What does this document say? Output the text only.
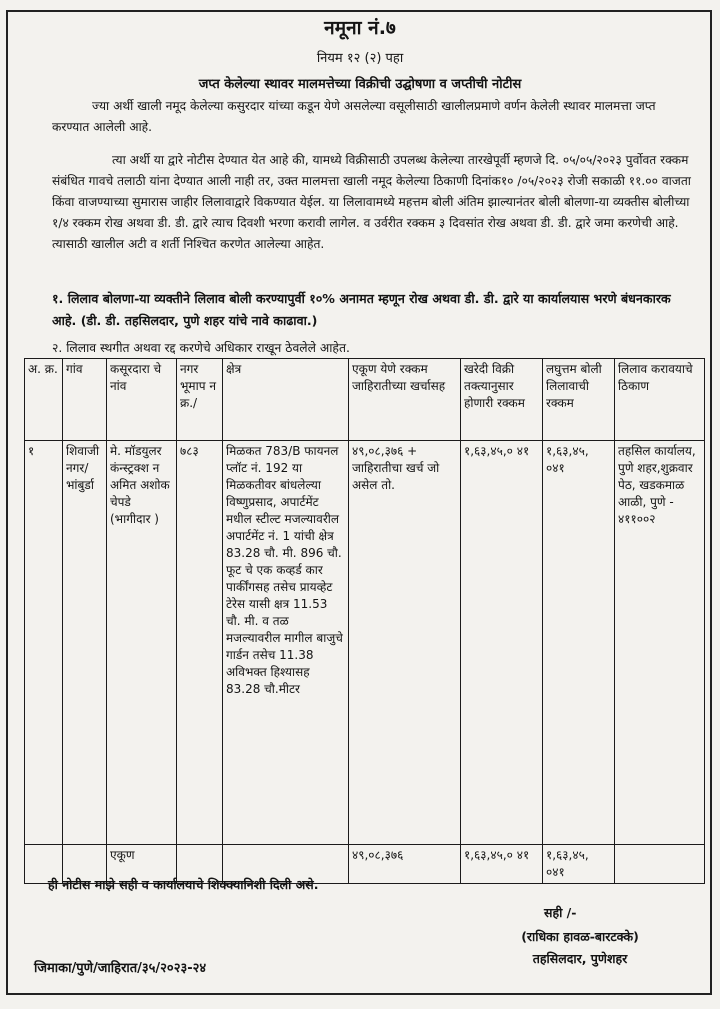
नमूना नं.७
नियम १२ (२) पहा
जप्त केलेल्या स्थावर मालमत्तेच्या विक्रीची उद्घोषणा व जप्तीची नोटीस
ज्या अर्थी खाली नमूद केलेल्या कसुरदार यांच्या कडून येणे असलेल्या वसूलीसाठी खालीलप्रमाणे वर्णन केलेली स्थावर मालमत्ता जप्त करण्यात आलेली आहे.
त्या अर्थी या द्वारे नोटीस देण्यात येत आहे की, यामध्ये विक्रीसाठी उपलब्ध केलेल्या तारखेपूर्वी म्हणजे दि. ०५/०५/२०२३ पुर्वोवत रक्कम संबंधित गावचे तलाठी यांना देण्यात आली नाही तर, उक्त मालमत्ता खाली नमूद केलेल्या ठिकाणी दिनांक१० /०५/२०२३ रोजी सकाळी ११.०० वाजता किंवा वाजण्याच्या सुमारास जाहीर लिलावाद्वारे विकण्यात येईल. या लिलावामध्ये महत्तम बोली अंतिम झाल्यानंतर बोली बोलणा-या व्यक्तीस बोलीच्या १/४ रक्कम रोख अथवा डी. डी. द्वारे त्याच दिवशी भरणा करावी लागेल. व उर्वरीत रक्कम ३ दिवसांत रोख अथवा डी. डी. द्वारे जमा करणेची आहे. त्यासाठी खालील अटी व शर्ती निश्चित करणेत आलेल्या आहेत.
१. लिलाव बोलणा-या व्यक्तीने लिलाव बोली करण्यापुर्वी १०% अनामत म्हणून रोख अथवा डी. डी. द्वारे या कार्यालयास भरणे बंधनकारक आहे. (डी. डी. तहसिलदार, पुणे शहर यांचे नावे काढावा.)
२. लिलाव स्थगीत अथवा रद्द करणेचे अधिकार राखून ठेवलेले आहेत.
अ. क्र.	गांव	कसूरदारा चे नांव	नगर भूमाप न क्र./	क्षेत्र	एकूण येणे रक्कम जाहिरातीच्या खर्चासह	खरेदी विक्री तक्त्यानुसार होणारी रक्कम	लघुत्तम बोली लिलावाची रक्कम	लिलाव करावयाचे ठिकाण
१	शिवाजी नगर/ भांबुर्डा	मे. मॉडयुलर कंन्स्ट्रक्श न अमित अशोक चेपडे (भागीदार )	७८३	मिळकत 783/B फायनल प्लॉट नं. 192 या मिळकतीवर बांधलेल्या विष्णुप्रसाद, अपार्टमेंट मधील स्टील्ट मजल्यावरील अपार्टमेंट नं. 1 यांची क्षेत्र 83.28 चौ. मी. 896 चौ. फूट चे एक कव्हर्ड कार पार्कींगसह तसेच प्रायव्हेट टेरेस यासी क्षत्र 11.53 चौ. मी. व तळ मजल्यावरील मागील बाजुचे गार्डन तसेच 11.38 अविभक्त हिश्यासह 83.28 चौ.मीटर	४९,०८,३७६ + जाहिरातीचा खर्च जो असेल तो.	१,६३,४५,० ४१	१,६३,४५, ०४१	तहसिल कार्यालय, पुणे शहर,शुक्रवार पेठ, खडकमाळ आळी, पुणे - ४११००२
		एकूण			४९,०८,३७६	१,६३,४५,० ४१	१,६३,४५, ०४१	
ही नोटीस माझे सही व कार्यालयाचे शिक्क्यानिशी दिली असे.
सही /-
(राधिका हावळ-बारटक्के)
तहसिलदार, पुणेशहर
जिमाका/पुणे/जाहिरात/३५/२०२३-२४
